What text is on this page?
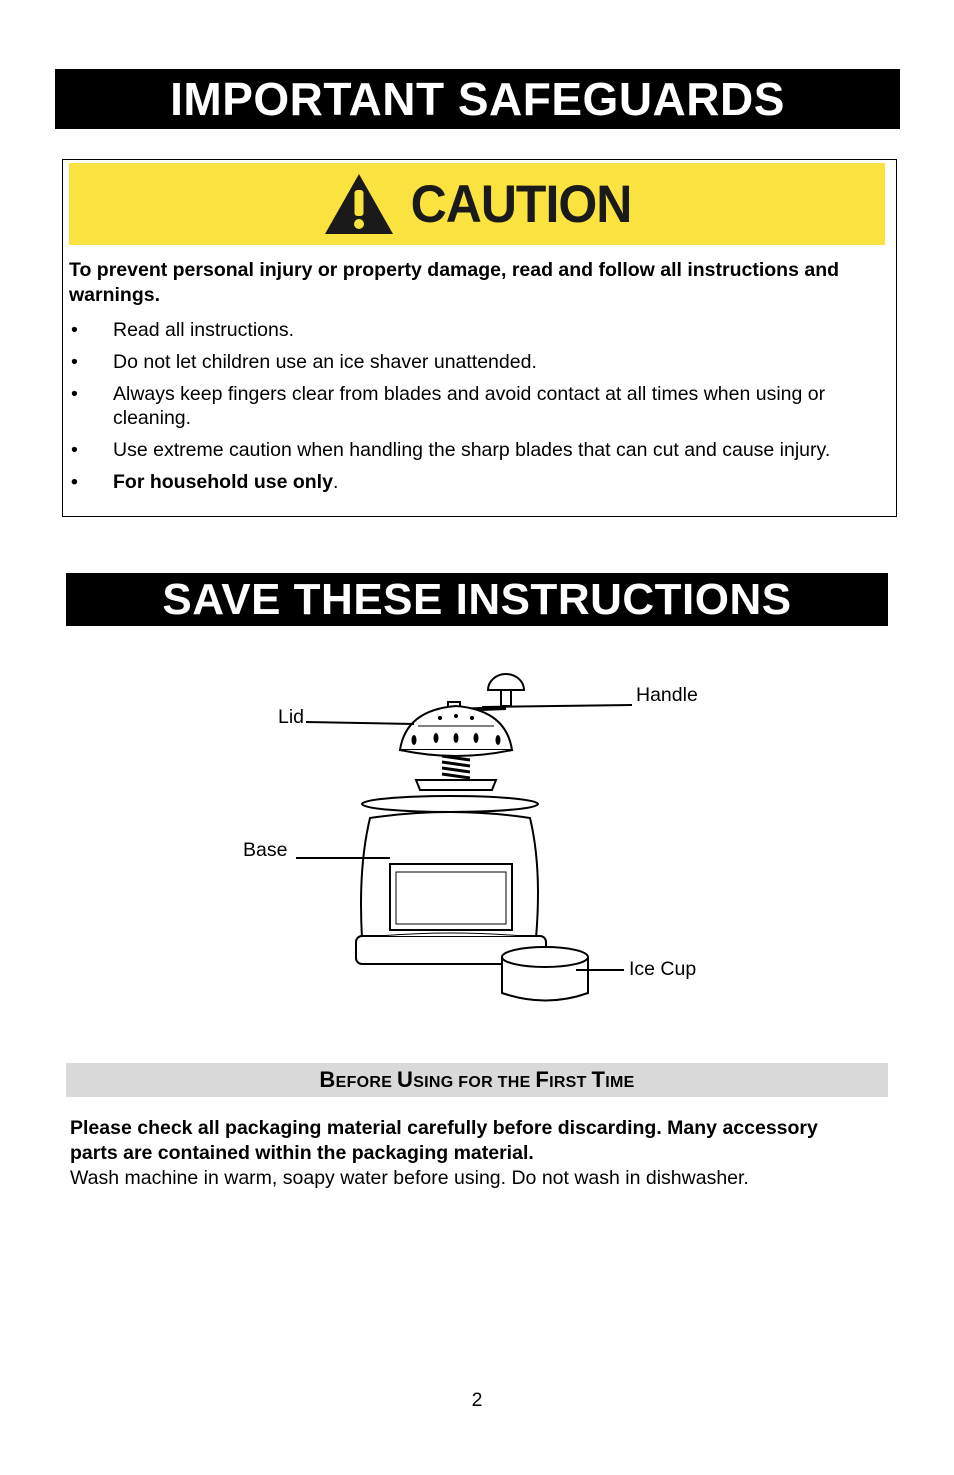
IMPORTANT SAFEGUARDS
CAUTION

To prevent personal injury or property damage, read and follow all instructions and warnings.

• Read all instructions.
• Do not let children use an ice shaver unattended.
• Always keep fingers clear from blades and avoid contact at all times when using or cleaning.
• Use extreme caution when handling the sharp blades that can cut and cause injury.
• For household use only.
SAVE THESE INSTRUCTIONS
Handle
Lid
Base
Ice Cup
BEFORE USING FOR THE FIRST TIME

Please check all packaging material carefully before discarding. Many accessory parts are contained within the packaging material.

Wash machine in warm, soapy water before using. Do not wash in dishwasher.

2
